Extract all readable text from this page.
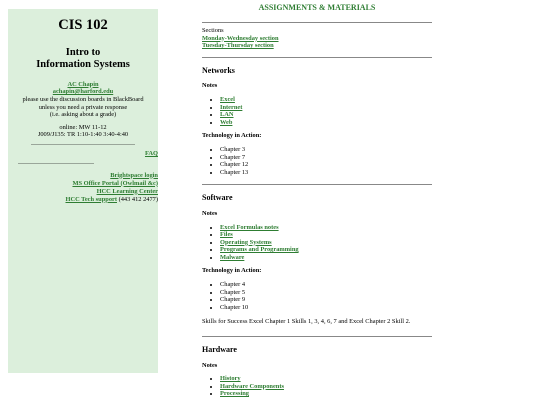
CIS 102
Intro to
Information Systems
AC Chapin
achapin@harford.edu
please use the discussion boards in BlackBoard
unless you need a private response
(i.e. asking about a grade)
online: MW 11-12
J009/J135: TR 1:10-1:40 3:40-4:40
FAQ
Brightspace login
MS Office Portal (Owlmail &c)
HCC Learning Center
HCC Tech support (443 412 2477)
ASSIGNMENTS & MATERIALS
Sections
Monday-Wednesday section
Tuesday-Thursday section
Networks
Notes
• Excel
• Internet
• LAN
• Web
Technology in Action:
• Chapter 3
• Chapter 7
• Chapter 12
• Chapter 13
Software
Notes
• Excel Formulas notes
• Files
• Operating Systems
• Programs and Programming
• Malware
Technology in Action:
• Chapter 4
• Chapter 5
• Chapter 9
• Chapter 10

Skills for Success Excel Chapter 1 Skills 1, 3, 4, 6, 7 and Excel Chapter 2 Skill 2.

Hardware
Notes
• History
• Hardware Components
• Processing
